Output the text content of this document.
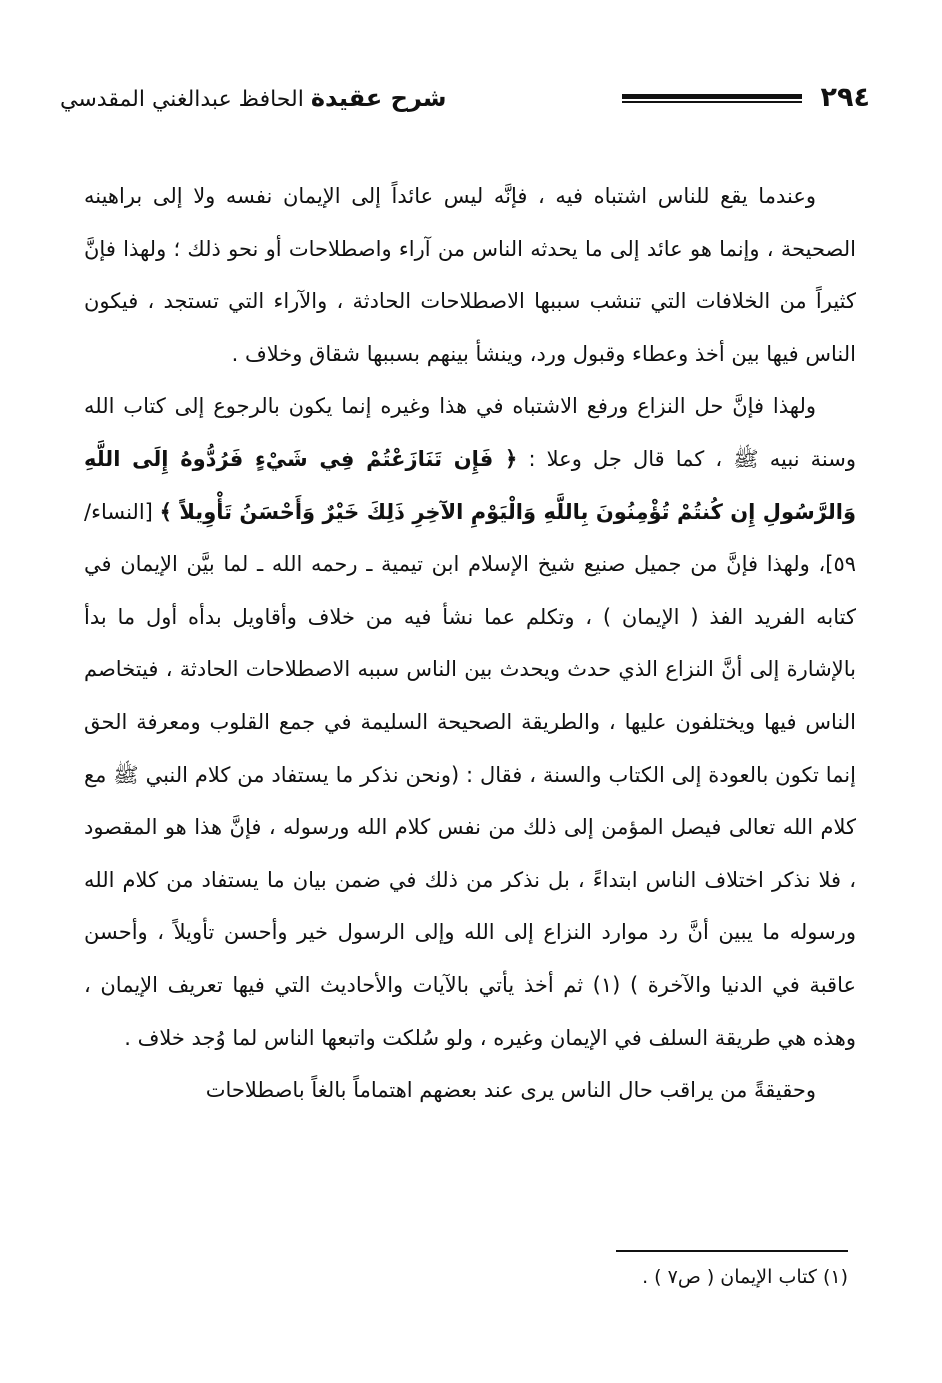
٢٩٤
شرح عقيدة الحافظ عبدالغني المقدسي

وعندما يقع للناس اشتباه فيه ، فإنَّه ليس عائداً إلى الإيمان نفسه ولا إلى براهينه الصحيحة ، وإنما هو عائد إلى ما يحدثه الناس من آراء واصطلاحات أو نحو ذلك ؛ ولهذا فإنَّ كثيراً من الخلافات التي تنشب سببها الاصطلاحات الحادثة ، والآراء التي تستجد ، فيكون الناس فيها بين أخذ وعطاء وقبول ورد، وينشأ بينهم بسببها شقاق وخلاف .

ولهذا فإنَّ حل النزاع ورفع الاشتباه في هذا وغيره إنما يكون بالرجوع إلى كتاب الله وسنة نبيه ﷺ ، كما قال جل وعلا : ﴿ فَإِن تَنَازَعْتُمْ فِي شَيْءٍ فَرُدُّوهُ إِلَى اللَّهِ وَالرَّسُولِ إِن كُنتُمْ تُؤْمِنُونَ بِاللَّهِ وَالْيَوْمِ الآخِرِ ذَلِكَ خَيْرٌ وَأَحْسَنُ تَأْوِيلاً ﴾ [النساء/ ٥٩]، ولهذا فإنَّ من جميل صنيع شيخ الإسلام ابن تيمية ـ رحمه الله ـ لما بيَّن الإيمان في كتابه الفريد الفذ ( الإيمان ) ، وتكلم عما نشأ فيه من خلاف وأقاويل بدأه أول ما بدأ بالإشارة إلى أنَّ النزاع الذي حدث ويحدث بين الناس سببه الاصطلاحات الحادثة ، فيتخاصم الناس فيها ويختلفون عليها ، والطريقة الصحيحة السليمة في جمع القلوب ومعرفة الحق إنما تكون بالعودة إلى الكتاب والسنة ، فقال : (ونحن نذكر ما يستفاد من كلام النبي ﷺ مع كلام الله تعالى فيصل المؤمن إلى ذلك من نفس كلام الله ورسوله ، فإنَّ هذا هو المقصود ، فلا نذكر اختلاف الناس ابتداءً ، بل نذكر من ذلك في ضمن بيان ما يستفاد من كلام الله ورسوله ما يبين أنَّ رد موارد النزاع إلى الله وإلى الرسول خير وأحسن تأويلاً ، وأحسن عاقبة في الدنيا والآخرة ) (١) ثم أخذ يأتي بالآيات والأحاديث التي فيها تعريف الإيمان ، وهذه هي طريقة السلف في الإيمان وغيره ، ولو سُلكت واتبعها الناس لما وُجد خلاف .

وحقيقةً من يراقب حال الناس يرى عند بعضهم اهتماماً بالغاً باصطلاحات

(١) كتاب الإيمان ( ص٧ ) .
